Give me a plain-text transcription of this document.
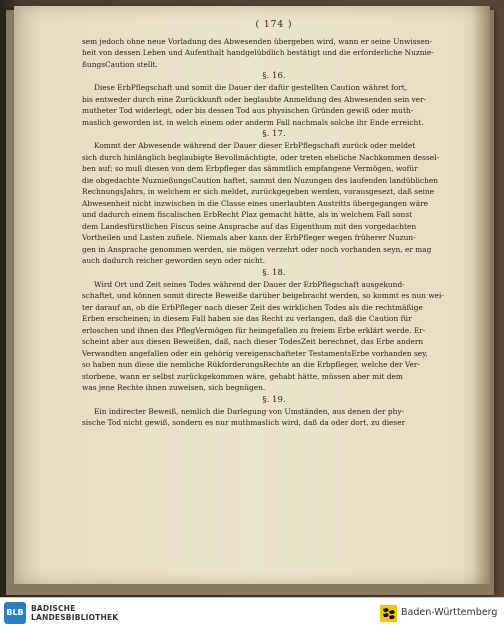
( 174 )

sem jedoch ohne neue Vorladung des Abwesenden übergeben wird, wann er seine Unwissen-
heit von dessen Leben und Aufenthalt handgelübdlich bestätigt und die erforderliche Nuznie-
ßungsCaution stellt.

§. 16.

Diese ErbPflegschaft und somit die Dauer der dafür gestellten Caution währet fort,
bis entweder durch eine Zurückkunft oder beglaubte Anmeldung des Abwesenden sein ver-
mutheter Tod widerlegt, oder bis dessen Tod aus physischen Gründen gewiß oder muth-
maslich geworden ist, in welch einem oder anderm Fall nachmals solche ihr Ende erreicht.

§. 17.

Kommt der Abwesende während der Dauer dieser ErbPflegschaft zurück oder meldet
sich durch hinlänglich beglaubigte Bevollmächtigte, oder treten eheliche Nachkommen dessel-
ben auf; so muß diesen von dem Erbpfleger das sämmtlich empfangene Vermögen, wofür
die obgedachte NuznießungsCaution haftet, sammt den Nuzungen des laufenden landüblichen
RechnungsJahrs, in welchem er sich meldet, zurückgegeben werden, vorausgesezt, daß seine
Abwesenheit nicht inzwischen in die Classe eines unerlaubten Austritts übergegangen wäre
und dadurch einem fiscalischen ErbRecht Plaz gemacht hätte, als in welchem Fall sonst
dem Landesfürstlichen Fiscus seine Ansprache auf das Eigenthum mit den vorgedachten
Vortheilen und Lasten zufiele. Niemals aber kann der ErbPfleger wegen früherer Nuzun-
gen in Ansprache genommen werden, sie mögen verzehrt oder noch vorhanden seyn, er mag
auch dadurch reicher geworden seyn oder nicht.

§. 18.

Wird Ort und Zeit seines Todes während der Dauer der ErbPflegschaft ausgekund-
schaftet, und können somit directe Beweiße darüber beigebracht werden, so kommt es nun wei-
ter darauf an, ob die ErbPfleger nach dieser Zeit des wirklichen Todes als die rechtmäßige
Erben erscheinen; in diesem Fall haben sie das Recht zu verlangen, daß die Caution für
erloschen und ihnen das PflegVermögen für heimgefallen zu freiem Erbe erklärt werde. Er-
scheint aber aus diesen Beweißen, daß, nach dieser TodesZeit berechnet, das Erbe andern
Verwandten angefallen oder ein gehörig vereigenschafteter TestamentsErbe vorhanden sey,
so haben nun diese die nemliche RükforderungsRechte an die Erbpfleger, welche der Ver-
storbene, wann er selbst zurückgekommen wäre, gehabt hätte, müssen aber mit dem
was jene Rechte ihnen zuweisen, sich begnügen.

§. 19.

Ein indirecter Beweiß, nemlich die Darlegung von Umständen, aus denen der phy-
sische Tod nicht gewiß, sondern es nur muthmaslich wird, daß da oder dort, zu dieser

BLB BADISCHE
LANDESBIBLIOTHEK	Baden-Württemberg
